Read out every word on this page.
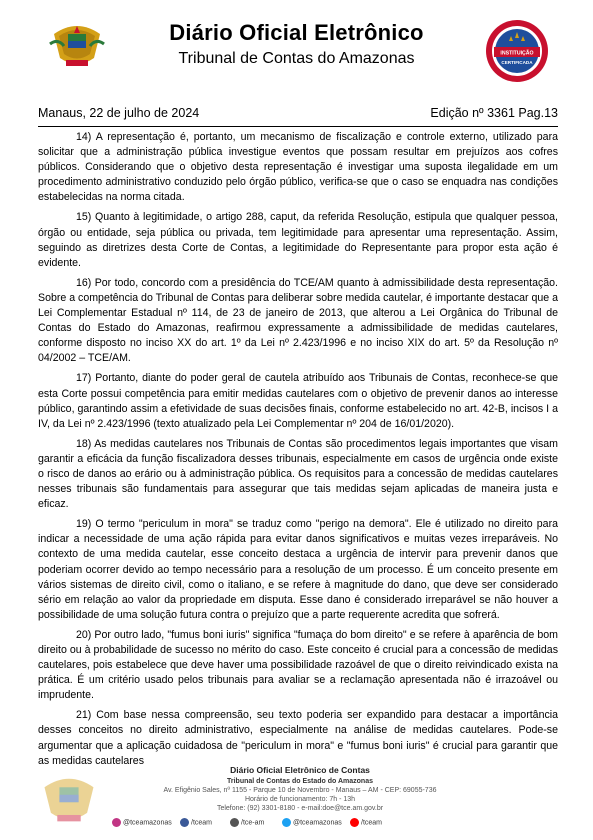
Diário Oficial Eletrônico
Tribunal de Contas do Amazonas	INSTITUIÇÃO
CERTIFICADA
Manaus, 22 de julho de 2024	Edição nº 3361 Pag.13

14) A representação é, portanto, um mecanismo de fiscalização e controle externo, utilizado para solicitar que a administração pública investigue eventos que possam resultar em prejuízos aos cofres públicos. Considerando que o objetivo desta representação é investigar uma suposta ilegalidade em um procedimento administrativo conduzido pelo órgão público, verifica-se que o caso se enquadra nas condições estabelecidas na norma citada.

15) Quanto à legitimidade, o artigo 288, caput, da referida Resolução, estipula que qualquer pessoa, órgão ou entidade, seja pública ou privada, tem legitimidade para apresentar uma representação. Assim, seguindo as diretrizes desta Corte de Contas, a legitimidade do Representante para propor esta ação é evidente.

16) Por todo, concordo com a presidência do TCE/AM quanto à admissibilidade desta representação. Sobre a competência do Tribunal de Contas para deliberar sobre medida cautelar, é importante destacar que a Lei Complementar Estadual nº 114, de 23 de janeiro de 2013, que alterou a Lei Orgânica do Tribunal de Contas do Estado do Amazonas, reafirmou expressamente a admissibilidade de medidas cautelares, conforme disposto no inciso XX do art. 1º da Lei nº 2.423/1996 e no inciso XIX do art. 5º da Resolução nº 04/2002 – TCE/AM.

17) Portanto, diante do poder geral de cautela atribuído aos Tribunais de Contas, reconhece-se que esta Corte possui competência para emitir medidas cautelares com o objetivo de prevenir danos ao interesse público, garantindo assim a efetividade de suas decisões finais, conforme estabelecido no art. 42-B, incisos I a IV, da Lei nº 2.423/1996 (texto atualizado pela Lei Complementar nº 204 de 16/01/2020).

18) As medidas cautelares nos Tribunais de Contas são procedimentos legais importantes que visam garantir a eficácia da função fiscalizadora desses tribunais, especialmente em casos de urgência onde existe o risco de danos ao erário ou à administração pública. Os requisitos para a concessão de medidas cautelares nesses tribunais são fundamentais para assegurar que tais medidas sejam aplicadas de maneira justa e eficaz.

19) O termo "periculum in mora" se traduz como "perigo na demora". Ele é utilizado no direito para indicar a necessidade de uma ação rápida para evitar danos significativos e muitas vezes irreparáveis. No contexto de uma medida cautelar, esse conceito destaca a urgência de intervir para prevenir danos que poderiam ocorrer devido ao tempo necessário para a resolução de um processo. É um conceito presente em vários sistemas de direito civil, como o italiano, e se refere à magnitude do dano, que deve ser considerado sério em relação ao valor da propriedade em disputa. Esse dano é considerado irreparável se não houver a possibilidade de uma solução futura contra o prejuízo que a parte requerente acredita que sofrerá.

20) Por outro lado, "fumus boni iuris" significa "fumaça do bom direito" e se refere à aparência de bom direito ou à probabilidade de sucesso no mérito do caso. Este conceito é crucial para a concessão de medidas cautelares, pois estabelece que deve haver uma possibilidade razoável de que o direito reivindicado exista na prática. É um critério usado pelos tribunais para avaliar se a reclamação apresentada não é irrazoável ou imprudente.

21) Com base nessa compreensão, seu texto poderia ser expandido para destacar a importância desses conceitos no direito administrativo, especialmente na análise de medidas cautelares. Pode-se argumentar que a aplicação cuidadosa de "periculum in mora" e "fumus boni iuris" é crucial para garantir que as medidas cautelares

Diário Oficial Eletrônico de Contas
Tribunal de Contas do Estado do Amazonas
Av. Efigênio Sales, nº 1155 - Parque 10 de Novembro - Manaus – AM - CEP: 69055-736
Horário de funcionamento: 7h - 13h
Telefone: (92) 3301-8180 - e-mail:doe@tce.am.gov.br
@tceamazonas	/tceam	/tce-am	@tceamazonas	/tceam
